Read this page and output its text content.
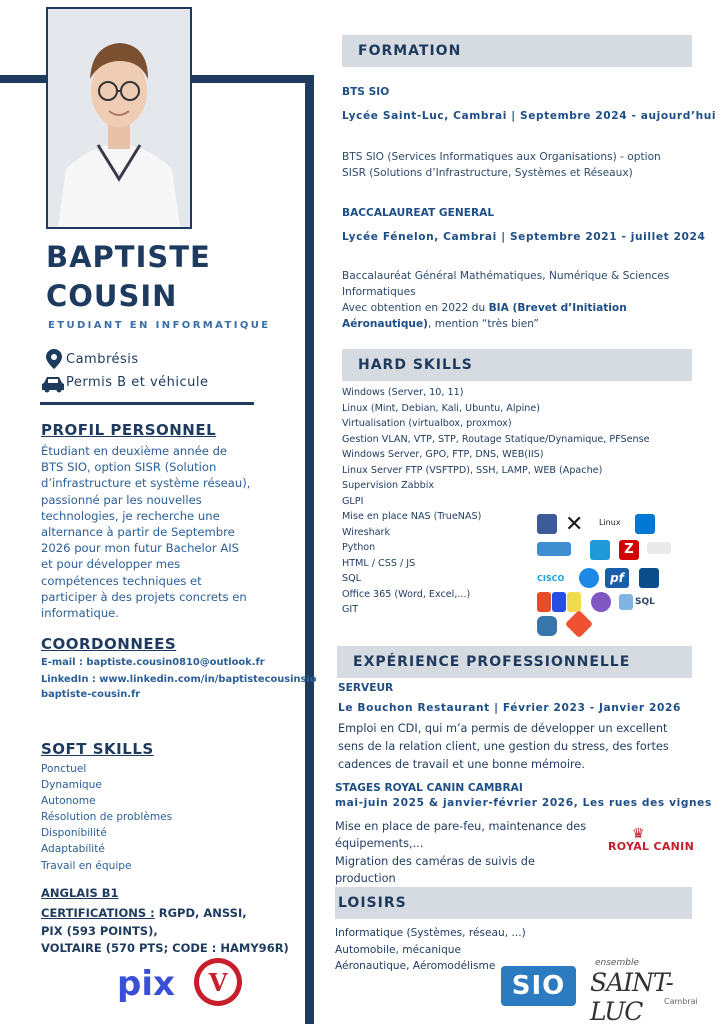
BAPTISTE
COUSIN
ETUDIANT EN INFORMATIQUE
Cambrésis
Permis B et véhicule
PROFIL PERSONNEL
Étudiant en deuxième année de BTS SIO, option SISR (Solution d’infrastructure et système réseau), passionné par les nouvelles technologies, je recherche une alternance à partir de Septembre 2026 pour mon futur Bachelor AIS et pour développer mes compétences techniques et participer à des projets concrets en informatique.
COORDONNEES
E-mail : baptiste.cousin0810@outlook.fr
LinkedIn : www.linkedin.com/in/baptistecousinsio
baptiste-cousin.fr
SOFT SKILLS
Ponctuel
Dynamique
Autonome
Résolution de problèmes
Disponibilité
Adaptabilité
Travail en équipe
ANGLAIS B1
CERTIFICATIONS : RGPD, ANSSI,
PIX (593 POINTS),
VOLTAIRE (570 PTS; CODE : HAMY96R)
pix V
FORMATION
BTS SIO
Lycée Saint-Luc, Cambrai | Septembre 2024 - aujourd’hui
BTS SIO (Services Informatiques aux Organisations) - option SISR (Solutions d’Infrastructure, Systèmes et Réseaux)
BACCALAUREAT GENERAL
Lycée Fénelon, Cambrai | Septembre 2021 - juillet 2024
Baccalauréat Général Mathématiques, Numérique & Sciences Informatiques
Avec obtention en 2022 du BIA (Brevet d’Initiation Aéronautique), mention “très bien”
HARD SKILLS
Windows (Server, 10, 11)
Linux (Mint, Debian, Kali, Ubuntu, Alpine)
Virtualisation (virtualbox, proxmox)
Gestion VLAN, VTP, STP, Routage Statique/Dynamique, PFSense
Windows Server, GPO, FTP, DNS, WEB(IIS)
Linux Server FTP (VSFTPD), SSH, LAMP, WEB (Apache)
Supervision Zabbix
GLPI
Mise en place NAS (TrueNAS)
Wireshark
Python
HTML / CSS / JS
SQL
Office 365 (Word, Excel,...)
GIT
✕ Linux
Z
CISCO	pf
SQL
EXPÉRIENCE PROFESSIONNELLE
SERVEUR
Le Bouchon Restaurant | Février 2023 - Janvier 2026
Emploi en CDI, qui m’a permis de développer un excellent sens de la relation client, une gestion du stress, des fortes cadences de travail et une bonne mémoire.
STAGES ROYAL CANIN CAMBRAI
mai-juin 2025 & janvier-février 2026, Les rues des vignes
Mise en place de pare-feu, maintenance des équipements,...
Migration des caméras de suivis de production
♛
ROYAL CANIN
LOISIRS
Informatique (Systèmes, réseau, ...)
Automobile, mécanique
Aéronautique, Aéromodélisme
SIO
ensemble
SAINT-LUC	Cambrai
